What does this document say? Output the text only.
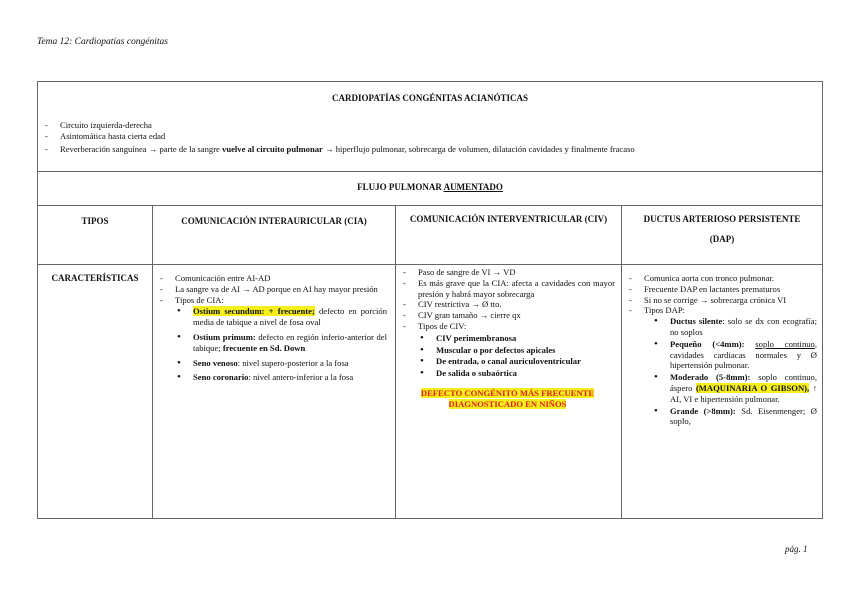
Tema 12: Cardiopatías congénitas
CARDIOPATÍAS CONGÉNITAS ACIANÓTICAS
- Circuito izquierda-derecha
- Asintomática hasta cierta edad
- Reverberación sanguínea → parte de la sangre vuelve al circuito pulmonar → hiperflujo pulmonar, sobrecarga de volumen, dilatación cavidades y finalmente fracaso
FLUJO PULMONAR AUMENTADO
TIPOS	COMUNICACIÓN INTERAURICULAR (CIA)	COMUNICACIÓN INTERVENTRICULAR (CIV)	DUCTUS ARTERIOSO PERSISTENTE
(DAP)
CARACTERÍSTICAS
-	Comunicación entre AI-AD
- La sangre va de AI → AD porque en AI hay mayor presión
- Tipos de CIA:
• Ostium secundum: + frecuente; defecto en porción media de tabique a nivel de fosa oval
• Ostium primum: defecto en región inferio-anterior del tabique; frecuente en Sd. Down
• Seno venoso: nivel supero-posterior a la fosa
• Seno coronario: nivel antero-inferior a la fosa
- Paso de sangre de VI → VD
- Es más grave que la CIA: afecta a cavidades con mayor presión y habrá mayor sobrecarga
- CIV restrictiva → Ø tto.
- CIV gran tamaño → cierre qx
- Tipos de CIV:
• CIV perimembranosa
• Muscular o por defectos apicales
• De entrada, o canal auriculoventricular
• De salida o subaórtica
DEFECTO CONGÉNITO MÁS FRECUENTE DIAGNOSTICADO EN NIÑOS
- Comunica aorta con tronco pulmonar.
- Frecuente DAP en lactantes prematuros
- Si no se corrige → sobrecarga crónica VI
- Tipos DAP:
• Ductus silente: solo se dx con ecografía; no soplos
• Pequeño (<4mm): soplo continuo, cavidades cardiacas normales y Ø hipertensión pulmonar.
• Moderado (5-8mm): soplo continuo, áspero (MAQUINARIA O GIBSON), ↑ AI, VI e hipertensión pulmonar.
• Grande (>8mm): Sd. Eisenmenger; Ø soplo,
pág. 1
